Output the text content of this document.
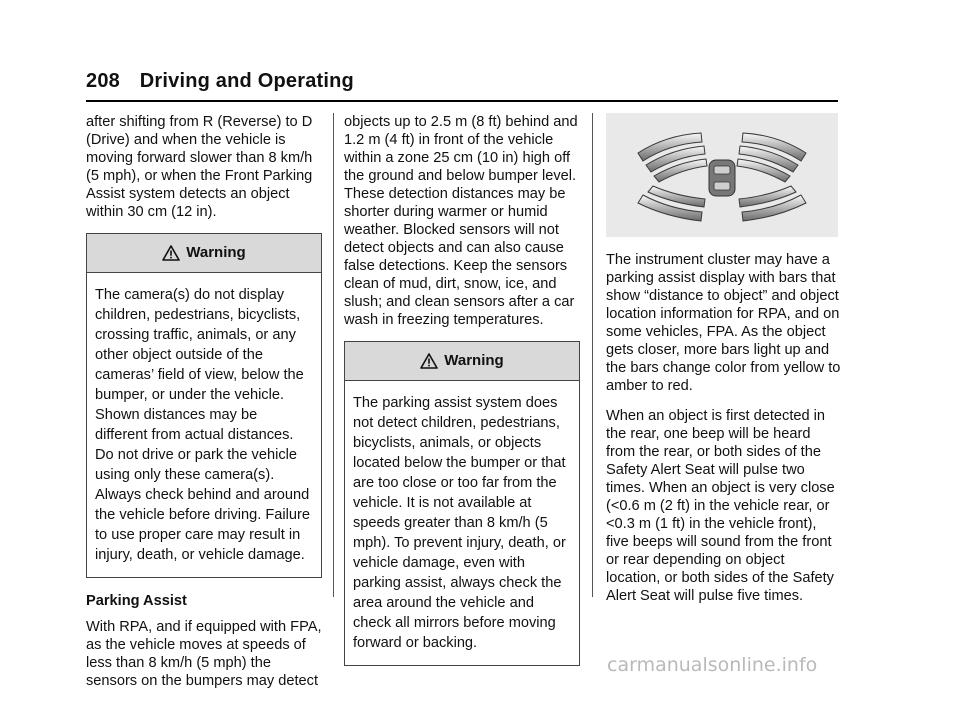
208 Driving and Operating

after shifting from R (Reverse) to D (Drive) and when the vehicle is moving forward slower than 8 km/h (5 mph), or when the Front Parking Assist system detects an object within 30 cm (12 in).

Warning
The camera(s) do not display children, pedestrians, bicyclists, crossing traffic, animals, or any other object outside of the cameras’ field of view, below the bumper, or under the vehicle. Shown distances may be different from actual distances. Do not drive or park the vehicle using only these camera(s). Always check behind and around the vehicle before driving. Failure to use proper care may result in injury, death, or vehicle damage.
Parking Assist

With RPA, and if equipped with FPA, as the vehicle moves at speeds of less than 8 km/h (5 mph) the sensors on the bumpers may detect

objects up to 2.5 m (8 ft) behind and 1.2 m (4 ft) in front of the vehicle within a zone 25 cm (10 in) high off the ground and below bumper level. These detection distances may be shorter during warmer or humid weather. Blocked sensors will not detect objects and can also cause false detections. Keep the sensors clean of mud, dirt, snow, ice, and slush; and clean sensors after a car wash in freezing temperatures.

Warning
The parking assist system does not detect children, pedestrians, bicyclists, animals, or objects located below the bumper or that are too close or too far from the vehicle. It is not available at speeds greater than 8 km/h (5 mph). To prevent injury, death, or vehicle damage, even with parking assist, always check the area around the vehicle and check all mirrors before moving forward or backing.

The instrument cluster may have a parking assist display with bars that show “distance to object” and object location information for RPA, and on some vehicles, FPA. As the object gets closer, more bars light up and the bars change color from yellow to amber to red.

When an object is first detected in the rear, one beep will be heard from the rear, or both sides of the Safety Alert Seat will pulse two times. When an object is very close (<0.6 m (2 ft) in the vehicle rear, or <0.3 m (1 ft) in the vehicle front), five beeps will sound from the front or rear depending on object location, or both sides of the Safety Alert Seat will pulse five times.

carmanualsonline.info
